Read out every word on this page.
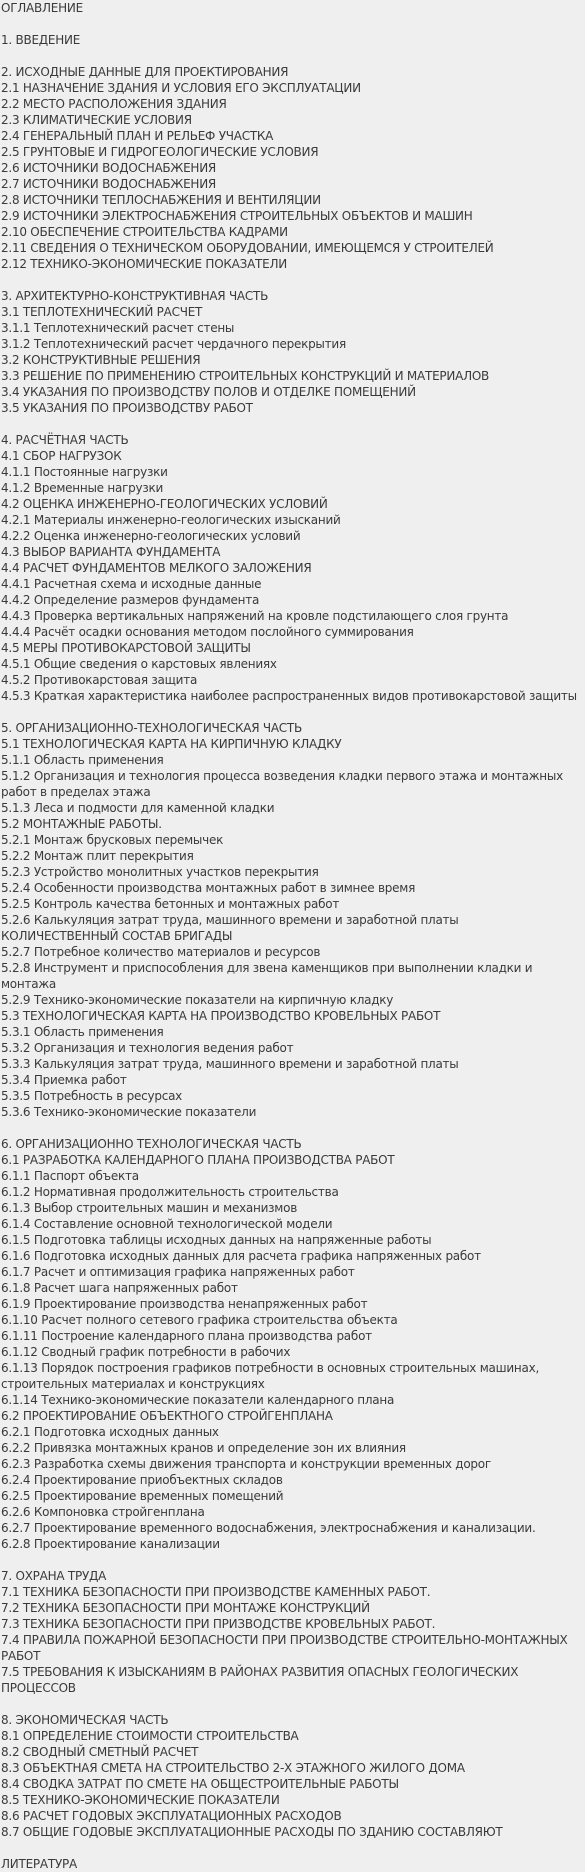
ОГЛАВЛЕНИЕ
1. ВВЕДЕНИЕ
2. ИСХОДНЫЕ ДАННЫЕ ДЛЯ ПРОЕКТИРОВАНИЯ
2.1 НАЗНАЧЕНИЕ ЗДАНИЯ И УСЛОВИЯ ЕГО ЭКСПЛУАТАЦИИ
2.2 МЕСТО РАСПОЛОЖЕНИЯ ЗДАНИЯ
2.3 КЛИМАТИЧЕСКИЕ УСЛОВИЯ
2.4 ГЕНЕРАЛЬНЫЙ ПЛАН И РЕЛЬЕФ УЧАСТКА
2.5 ГРУНТОВЫЕ И ГИДРОГЕОЛОГИЧЕСКИЕ УСЛОВИЯ
2.6 ИСТОЧНИКИ ВОДОСНАБЖЕНИЯ
2.7 ИСТОЧНИКИ ВОДОСНАБЖЕНИЯ
2.8 ИСТОЧНИКИ ТЕПЛОСНАБЖЕНИЯ И ВЕНТИЛЯЦИИ
2.9 ИСТОЧНИКИ ЭЛЕКТРОСНАБЖЕНИЯ СТРОИТЕЛЬНЫХ ОБЪЕКТОВ И МАШИН
2.10 ОБЕСПЕЧЕНИЕ СТРОИТЕЛЬСТВА КАДРАМИ
2.11 СВЕДЕНИЯ О ТЕХНИЧЕСКОМ ОБОРУДОВАНИИ, ИМЕЮЩЕМСЯ У СТРОИТЕЛЕЙ
2.12 ТЕХНИКО-ЭКОНОМИЧЕСКИЕ ПОКАЗАТЕЛИ
3. АРХИТЕКТУРНО-КОНСТРУКТИВНАЯ ЧАСТЬ
3.1 ТЕПЛОТЕХНИЧЕСКИЙ РАСЧЕТ
3.1.1 Теплотехнический расчет стены
3.1.2 Теплотехнический расчет чердачного перекрытия
3.2 КОНСТРУКТИВНЫЕ РЕШЕНИЯ
3.3 РЕШЕНИЕ ПО ПРИМЕНЕНИЮ СТРОИТЕЛЬНЫХ КОНСТРУКЦИЙ И МАТЕРИАЛОВ
3.4 УКАЗАНИЯ ПО ПРОИЗВОДСТВУ ПОЛОВ И ОТДЕЛКЕ ПОМЕЩЕНИЙ
3.5 УКАЗАНИЯ ПО ПРОИЗВОДСТВУ РАБОТ
4. РАСЧЁТНАЯ ЧАСТЬ
4.1 СБОР НАГРУЗОК
4.1.1 Постоянные нагрузки
4.1.2 Временные нагрузки
4.2 ОЦЕНКА ИНЖЕНЕРНО-ГЕОЛОГИЧЕСКИХ УСЛОВИЙ
4.2.1 Материалы инженерно-геологических изысканий
4.2.2 Оценка инженерно-геологических условий
4.3 ВЫБОР ВАРИАНТА ФУНДАМЕНТА
4.4 РАСЧЕТ ФУНДАМЕНТОВ МЕЛКОГО ЗАЛОЖЕНИЯ
4.4.1 Расчетная схема и исходные данные
4.4.2 Определение размеров фундамента
4.4.3 Проверка вертикальных напряжений на кровле подстилающего слоя грунта
4.4.4 Расчёт осадки основания методом послойного суммирования
4.5 МЕРЫ ПРОТИВОКАРСТОВОЙ ЗАЩИТЫ
4.5.1 Общие сведения о карстовых явлениях
4.5.2 Противокарстовая защита
4.5.3 Краткая характеристика наиболее распространенных видов противокарстовой защиты
5. ОРГАНИЗАЦИОННО-ТЕХНОЛОГИЧЕСКАЯ ЧАСТЬ
5.1 ТЕХНОЛОГИЧЕСКАЯ КАРТА НА КИРПИЧНУЮ КЛАДКУ
5.1.1 Область применения
5.1.2 Организация и технология процесса возведения кладки первого этажа и монтажных работ в пределах этажа
5.1.3 Леса и подмости для каменной кладки
5.2 МОНТАЖНЫЕ РАБОТЫ.
5.2.1 Монтаж брусковых перемычек
5.2.2 Монтаж плит перекрытия
5.2.3 Устройство монолитных участков перекрытия
5.2.4 Особенности производства монтажных работ в зимнее время
5.2.5 Контроль качества бетонных и монтажных работ
5.2.6 Калькуляция затрат труда, машинного времени и заработной платы
КОЛИЧЕСТВЕННЫЙ СОСТАВ БРИГАДЫ
5.2.7 Потребное количество материалов и ресурсов
5.2.8 Инструмент и приспособления для звена каменщиков при выполнении кладки и монтажа
5.2.9 Технико-экономические показатели на кирпичную кладку
5.3 ТЕХНОЛОГИЧЕСКАЯ КАРТА НА ПРОИЗВОДСТВО КРОВЕЛЬНЫХ РАБОТ
5.3.1 Область применения
5.3.2 Организация и технология ведения работ
5.3.3 Калькуляция затрат труда, машинного времени и заработной платы
5.3.4 Приемка работ
5.3.5 Потребность в ресурсах
5.3.6 Технико-экономические показатели
6. ОРГАНИЗАЦИОННО ТЕХНОЛОГИЧЕСКАЯ ЧАСТЬ
6.1 РАЗРАБОТКА КАЛЕНДАРНОГО ПЛАНА ПРОИЗВОДСТВА РАБОТ
6.1.1 Паспорт объекта
6.1.2 Нормативная продолжительность строительства
6.1.3 Выбор строительных машин и механизмов
6.1.4 Составление основной технологической модели
6.1.5 Подготовка таблицы исходных данных на напряженные работы
6.1.6 Подготовка исходных данных для расчета графика напряженных работ
6.1.7 Расчет и оптимизация графика напряженных работ
6.1.8 Расчет шага напряженных работ
6.1.9 Проектирование производства ненапряженных работ
6.1.10 Расчет полного сетевого графика строительства объекта
6.1.11 Построение календарного плана производства работ
6.1.12 Сводный график потребности в рабочих
6.1.13 Порядок построения графиков потребности в основных строительных машинах, строительных материалах и конструкциях
6.1.14 Технико-экономические показатели календарного плана
6.2 ПРОЕКТИРОВАНИЕ ОБЪЕКТНОГО СТРОЙГЕНПЛАНА
6.2.1 Подготовка исходных данных
6.2.2 Привязка монтажных кранов и определение зон их влияния
6.2.3 Разработка схемы движения транспорта и конструкции временных дорог
6.2.4 Проектирование приобъектных складов
6.2.5 Проектирование временных помещений
6.2.6 Компоновка стройгенплана
6.2.7 Проектирование временного водоснабжения, электроснабжения и канализации.
6.2.8 Проектирование канализации
7. ОХРАНА ТРУДА
7.1 ТЕХНИКА БЕЗОПАСНОСТИ ПРИ ПРОИЗВОДСТВЕ КАМЕННЫХ РАБОТ.
7.2 ТЕХНИКА БЕЗОПАСНОСТИ ПРИ МОНТАЖЕ КОНСТРУКЦИЙ
7.3 ТЕХНИКА БЕЗОПАСНОСТИ ПРИ ПРИЗВОДСТВЕ КРОВЕЛЬНЫХ РАБОТ.
7.4 ПРАВИЛА ПОЖАРНОЙ БЕЗОПАСНОСТИ ПРИ ПРОИЗВОДСТВЕ СТРОИТЕЛЬНО-МОНТАЖНЫХ РАБОТ
7.5 ТРЕБОВАНИЯ К ИЗЫСКАНИЯМ В РАЙОНАХ РАЗВИТИЯ ОПАСНЫХ ГЕОЛОГИЧЕСКИХ ПРОЦЕССОВ
8. ЭКОНОМИЧЕСКАЯ ЧАСТЬ
8.1 ОПРЕДЕЛЕНИЕ СТОИМОСТИ СТРОИТЕЛЬСТВА
8.2 СВОДНЫЙ СМЕТНЫЙ РАСЧЕТ
8.3 ОБЪЕКТНАЯ СМЕТА НА СТРОИТЕЛЬСТВО 2-Х ЭТАЖНОГО ЖИЛОГО ДОМА
8.4 СВОДКА ЗАТРАТ ПО СМЕТЕ НА ОБЩЕСТРОИТЕЛЬНЫЕ РАБОТЫ
8.5 ТЕХНИКО-ЭКОНОМИЧЕСКИЕ ПОКАЗАТЕЛИ
8.6 РАСЧЕТ ГОДОВЫХ ЭКСПЛУАТАЦИОННЫХ РАСХОДОВ
8.7 ОБЩИЕ ГОДОВЫЕ ЭКСПЛУАТАЦИОННЫЕ РАСХОДЫ ПО ЗДАНИЮ СОСТАВЛЯЮТ
ЛИТЕРАТУРА
